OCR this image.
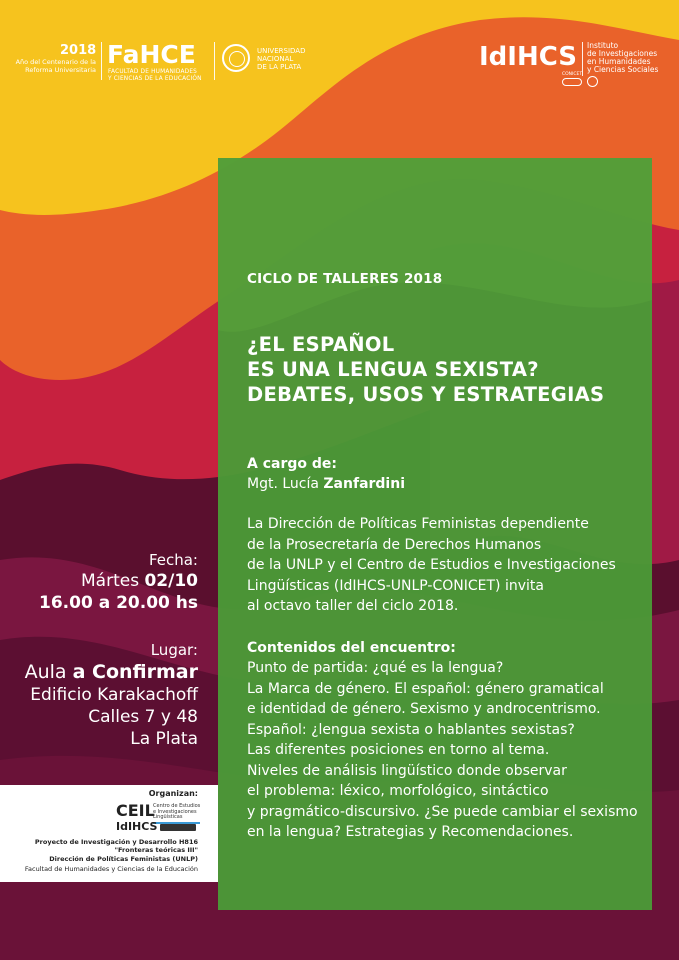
2018
Año del Centenario de la
Reforma Universitaria
FaHCE
FACULTAD DE HUMANIDADES
Y CIENCIAS DE LA EDUCACIÓN
UNIVERSIDAD
NACIONAL
DE LA PLATA	IdIHCS Instituto
de Investigaciones
en Humanidades
y Ciencias Sociales
CONICET
CICLO DE TALLERES 2018
¿EL ESPAÑOL
ES UNA LENGUA SEXISTA?
DEBATES, USOS Y ESTRATEGIAS
A cargo de:
Mgt. Lucía Zanfardini
La Dirección de Políticas Feministas dependiente
de la Prosecretaría de Derechos Humanos
de la UNLP y el Centro de Estudios e Investigaciones
Lingüísticas (IdIHCS-UNLP-CONICET) invita
al octavo taller del ciclo 2018.
Contenidos del encuentro:
Punto de partida: ¿qué es la lengua?
La Marca de género. El español: género gramatical
e identidad de género. Sexismo y androcentrismo.
Español: ¿lengua sexista o hablantes sexistas?
Las diferentes posiciones en torno al tema.
Niveles de análisis lingüístico donde observar
el problema: léxico, morfológico, sintáctico
y pragmático-discursivo. ¿Se puede cambiar el sexismo
en la lengua? Estrategias y Recomendaciones.
Fecha:
Mártes 02/10
16.00 a 20.00 hs
Lugar:
Aula a Confirmar
Edificio Karakachoff
Calles 7 y 48
La Plata
Organizan:
CEIL
Centro de Estudios
e Investigaciones
Lingüísticas
IdIHCS
Proyecto de Investigación y Desarrollo H816
"Fronteras teóricas III"
Dirección de Políticas Feministas (UNLP)
Facultad de Humanidades y Ciencias de la Educación
